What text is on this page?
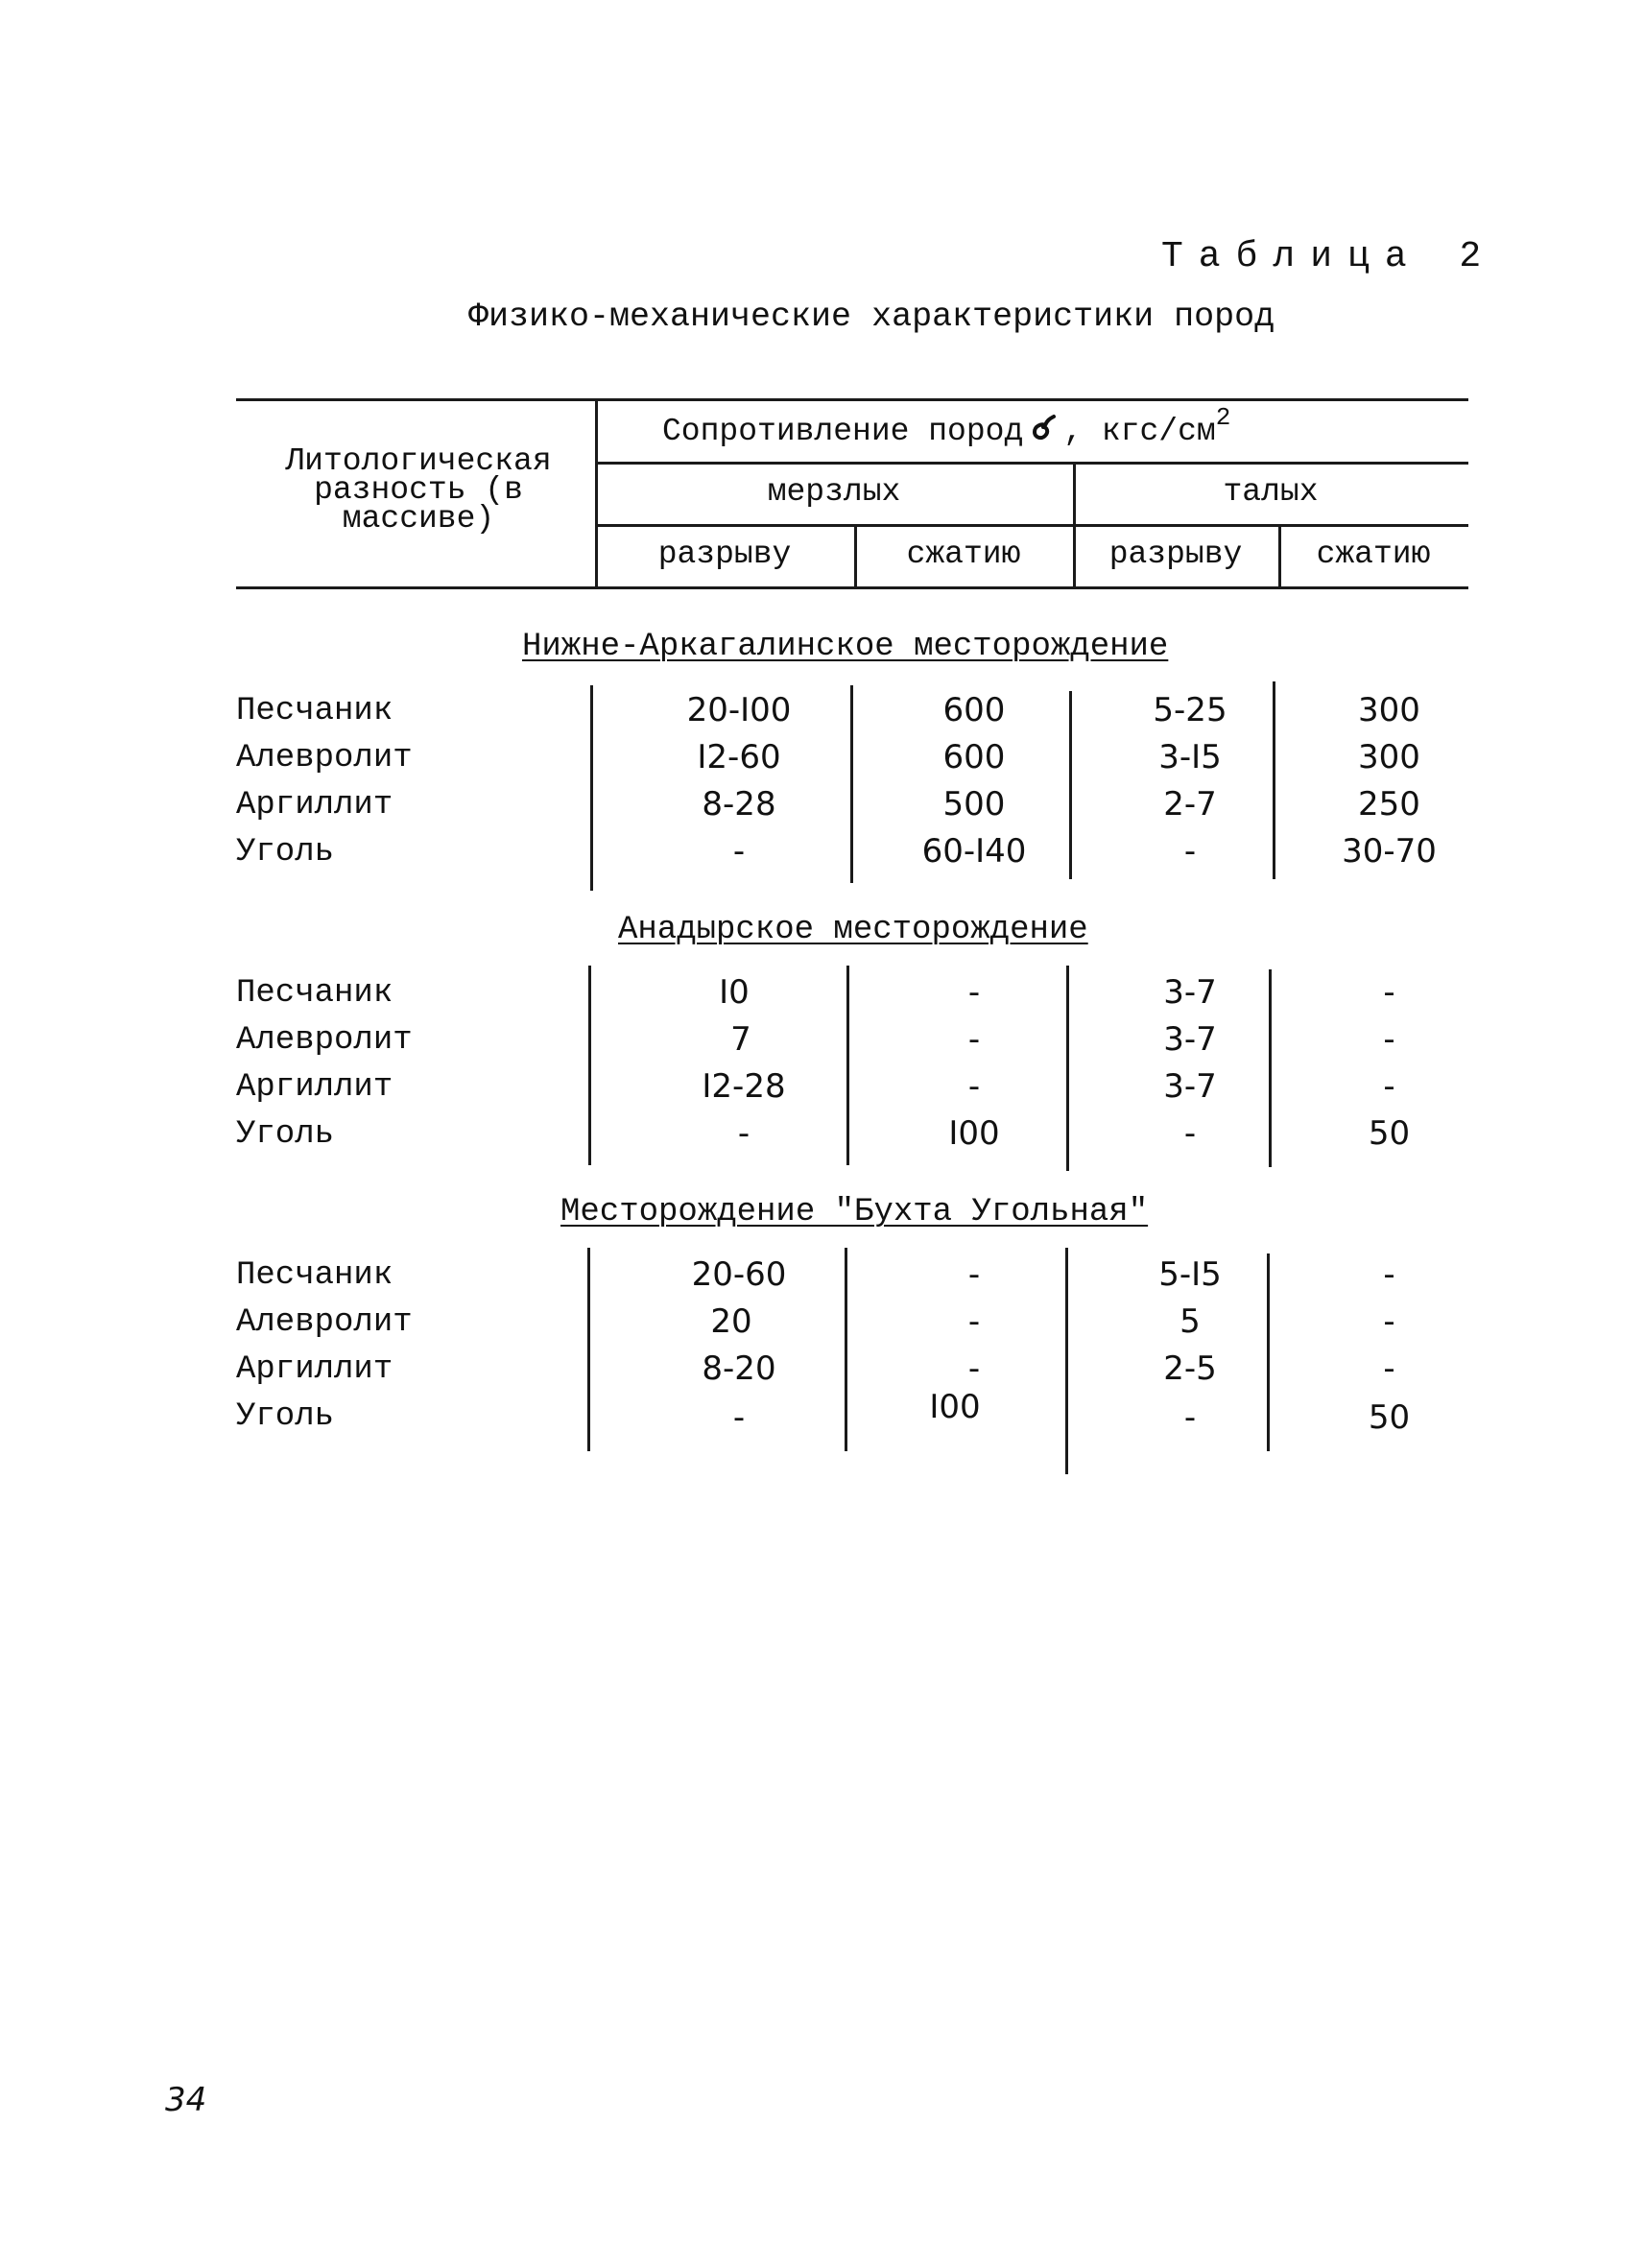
Таблица 2
Физико-механические характеристики пород
Литологическая разность (в массиве)
Сопротивление пород , кгс/$см^2$
мерзлых	талых
разрыву	сжатию	разрыву	сжатию
Нижне-Аркагалинское месторождение
Песчаник	20-I00	600	5-25	300
Алевролит	I2-60	600	3-I5	300
Аргиллит	8-28	500	2-7	250
Уголь	-	60-I40	-	30-70
Анадырское месторождение
Песчаник	I0	-	3-7	-
Алевролит	7	-	3-7	-
Аргиллит	I2-28	-	3-7	-
Уголь	-	I00	-	50
Месторождение "Бухта Угольная"
Песчаник	20-60	-	5-I5	-
Алевролит	20	-	5	-
Аргиллит	8-20	-	2-5	-
Уголь	-	I00	-	50
34
